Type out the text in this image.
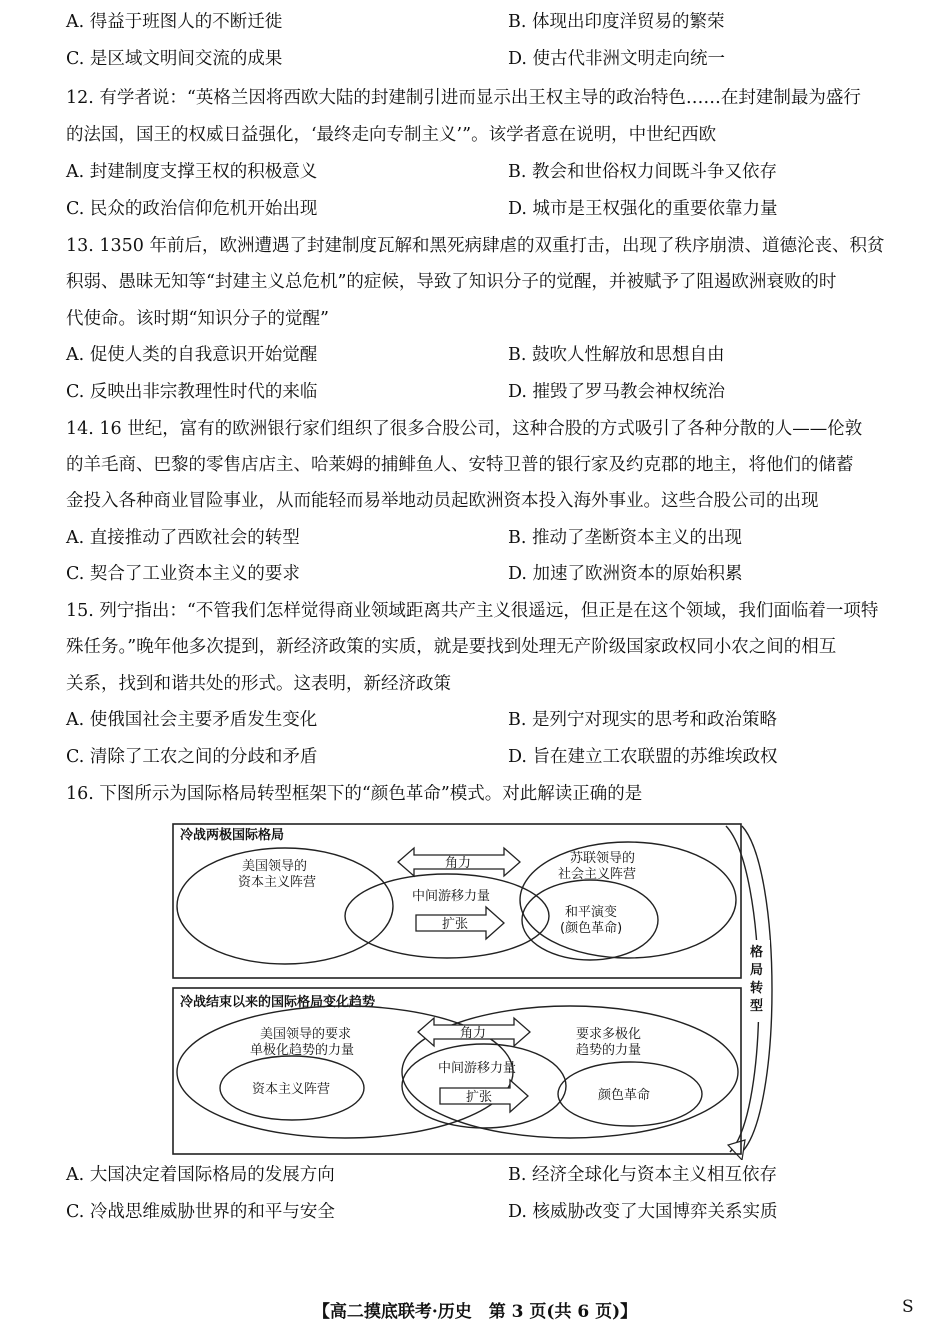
A. 得益于班图人的不断迁徙	B. 体现出印度洋贸易的繁荣
C. 是区域文明间交流的成果	D. 使古代非洲文明走向统一
12. 有学者说：“英格兰因将西欧大陆的封建制引进而显示出王权主导的政治特色……在封建制最为盛行
的法国，国王的权威日益强化，‘最终走向专制主义’”。该学者意在说明，中世纪西欧
A. 封建制度支撑王权的积极意义	B. 教会和世俗权力间既斗争又依存
C. 民众的政治信仰危机开始出现	D. 城市是王权强化的重要依靠力量
13. 1350 年前后，欧洲遭遇了封建制度瓦解和黑死病肆虐的双重打击，出现了秩序崩溃、道德沦丧、积贫
积弱、愚昧无知等“封建主义总危机”的症候，导致了知识分子的觉醒，并被赋予了阻遏欧洲衰败的时
代使命。该时期“知识分子的觉醒”
A. 促使人类的自我意识开始觉醒	B. 鼓吹人性解放和思想自由
C. 反映出非宗教理性时代的来临	D. 摧毁了罗马教会神权统治
14. 16 世纪，富有的欧洲银行家们组织了很多合股公司，这种合股的方式吸引了各种分散的人——伦敦
的羊毛商、巴黎的零售店店主、哈莱姆的捕鲱鱼人、安特卫普的银行家及约克郡的地主，将他们的储蓄
金投入各种商业冒险事业，从而能轻而易举地动员起欧洲资本投入海外事业。这些合股公司的出现
A. 直接推动了西欧社会的转型	B. 推动了垄断资本主义的出现
C. 契合了工业资本主义的要求	D. 加速了欧洲资本的原始积累
15. 列宁指出：“不管我们怎样觉得商业领域距离共产主义很遥远，但正是在这个领域，我们面临着一项特
殊任务。”晚年他多次提到，新经济政策的实质，就是要找到处理无产阶级国家政权同小农之间的相互
关系，找到和谐共处的形式。这表明，新经济政策
A. 使俄国社会主要矛盾发生变化	B. 是列宁对现实的思考和政治策略
C. 清除了工农之间的分歧和矛盾	D. 旨在建立工农联盟的苏维埃政权
16. 下图所示为国际格局转型框架下的“颜色革命”模式。对此解读正确的是
冷战两极国际格局
美国领导的
资本主义阵营
苏联领导的
社会主义阵营
角力
中间游移力量
扩张
和平演变
(颜色革命)
格
局
转
型
冷战结束以来的国际格局变化趋势
美国领导的要求
单极化趋势的力量
要求多极化
趋势的力量
角力
中间游移力量
扩张
资本主义阵营	颜色革命
A. 大国决定着国际格局的发展方向	B. 经济全球化与资本主义相互依存
C. 冷战思维威胁世界的和平与安全	D. 核威胁改变了大国博弈关系实质
【高二摸底联考·历史　第 3 页(共 6 页)】	S
